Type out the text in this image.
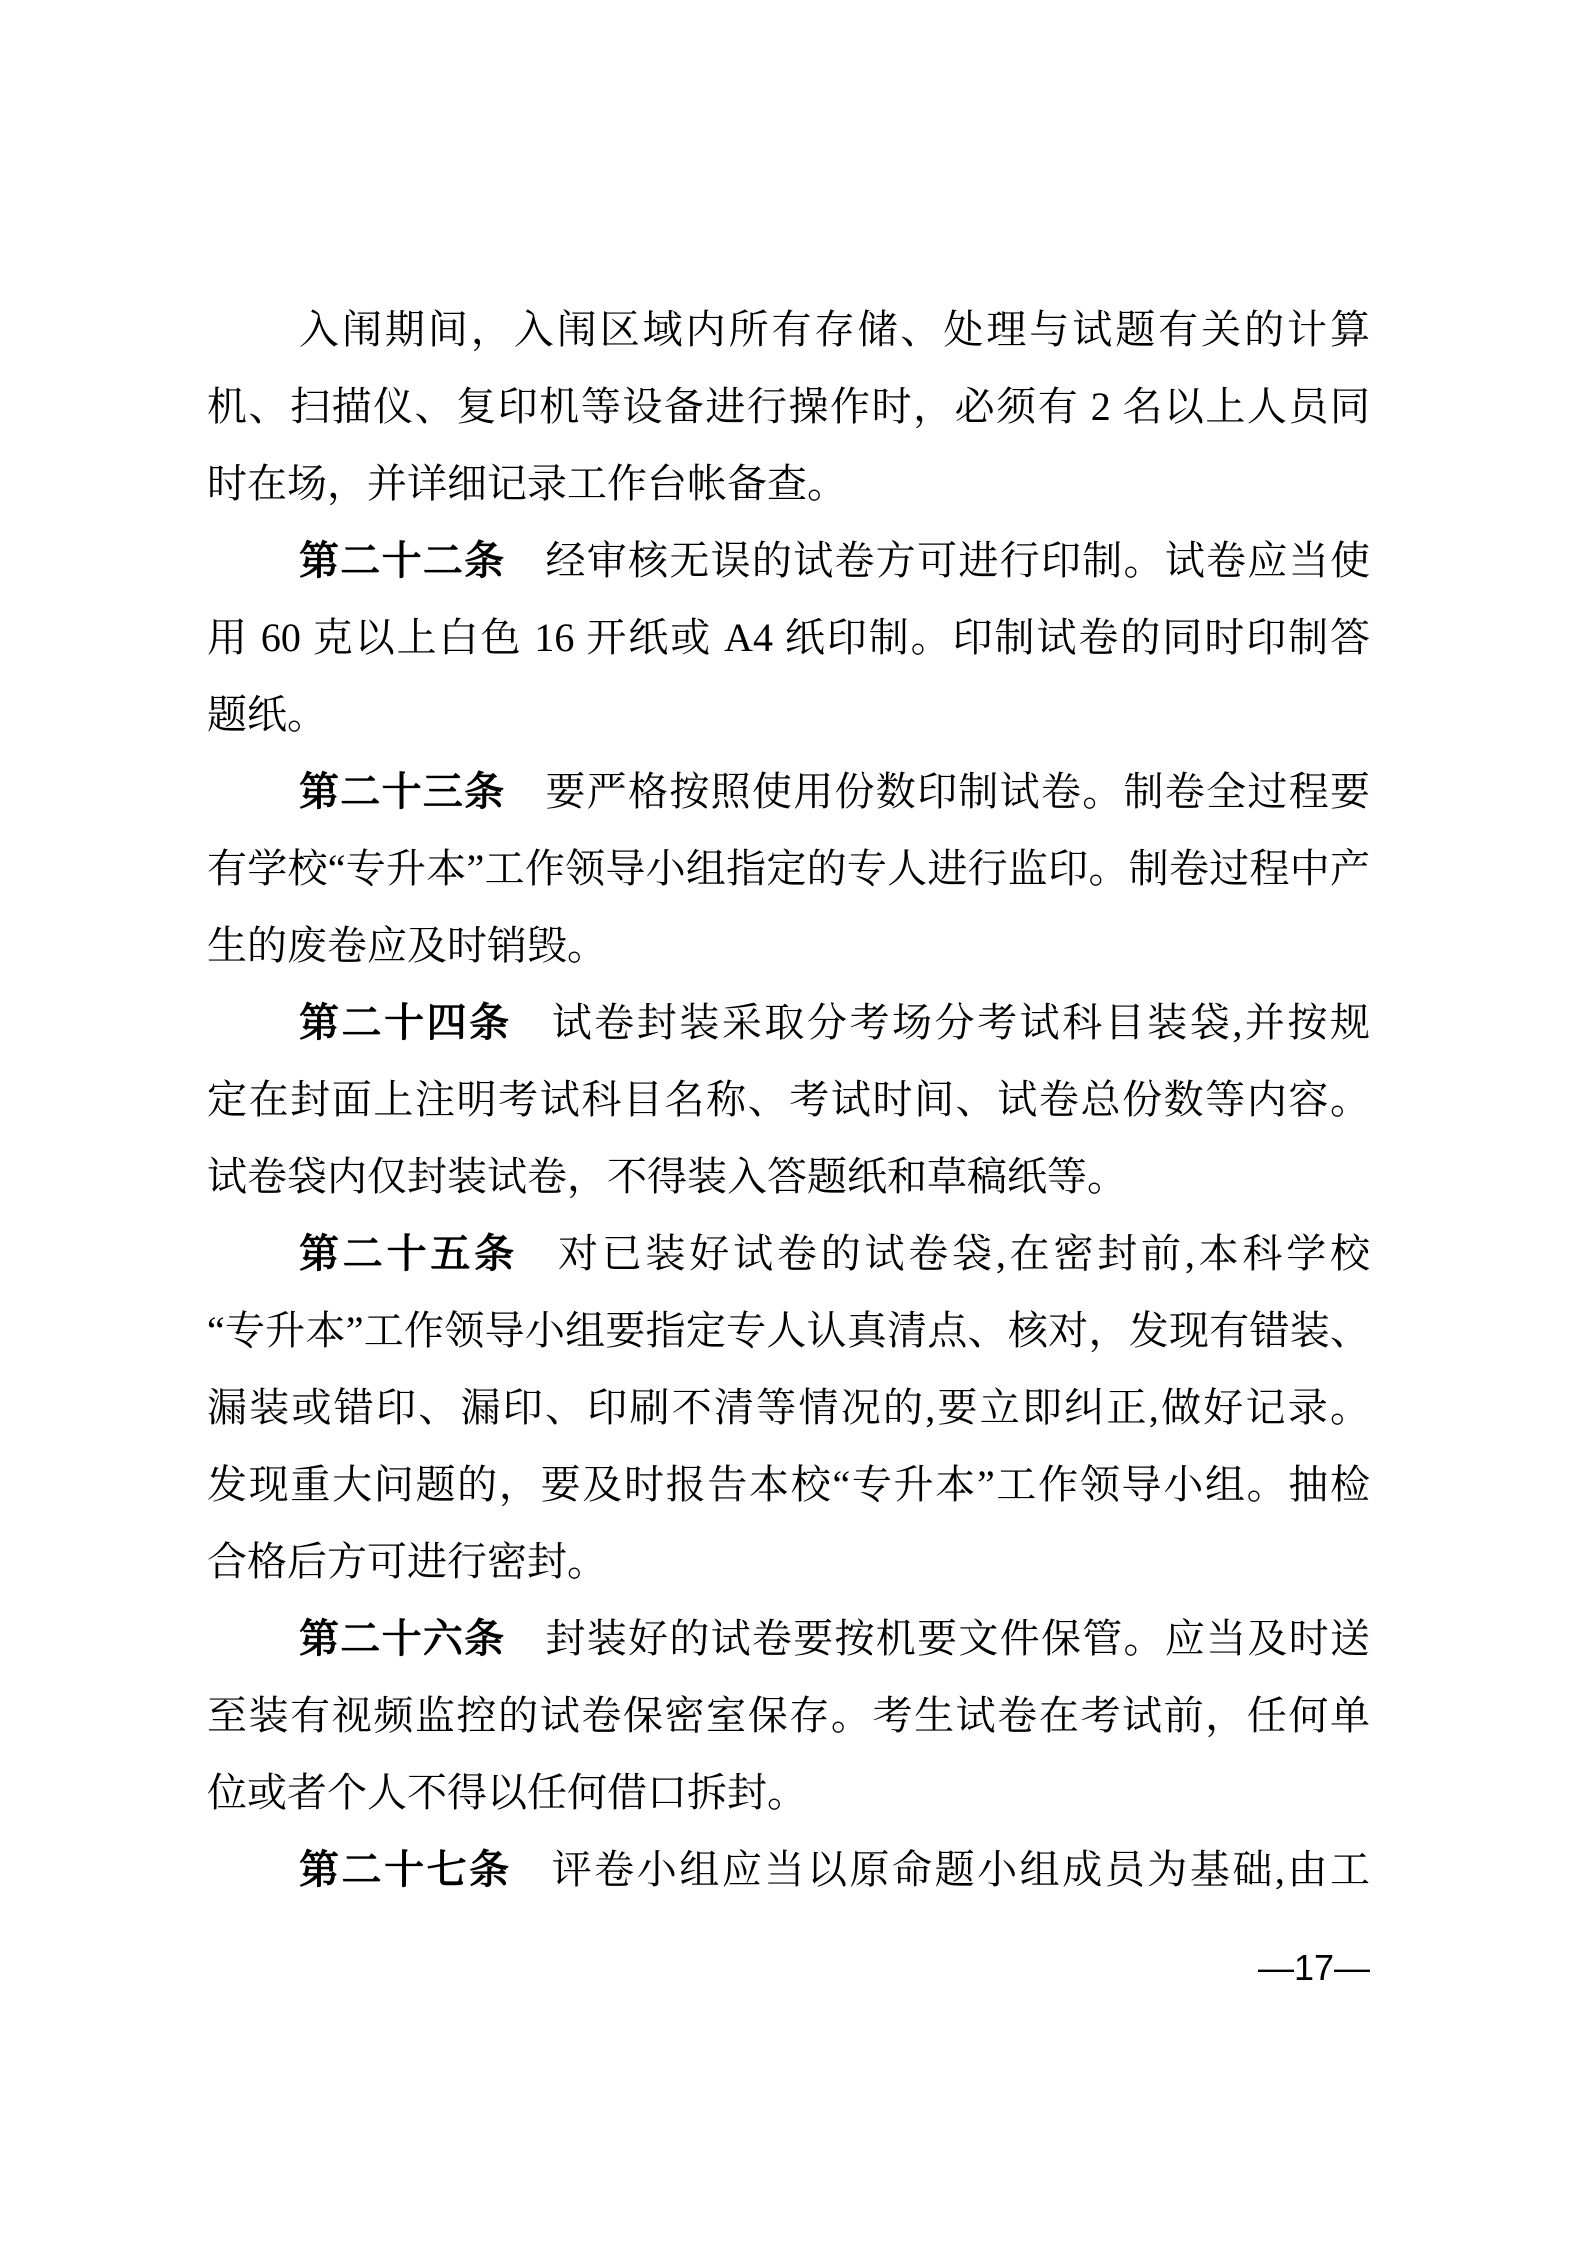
入闱期间，入闱区域内所有存储、处理与试题有关的计算
机、扫描仪、复印机等设备进行操作时，必须有 2 名以上人员同
时在场，并详细记录工作台帐备查。
第二十二条 经审核无误的试卷方可进行印制。试卷应当使
用 60 克以上白色 16 开纸或 A4 纸印制。印制试卷的同时印制答
题纸。
第二十三条 要严格按照使用份数印制试卷。制卷全过程要
有学校“专升本”工作领导小组指定的专人进行监印。制卷过程中产
生的废卷应及时销毁。
第二十四条 试卷封装采取分考场分考试科目装袋,并按规
定在封面上注明考试科目名称、考试时间、试卷总份数等内容。
试卷袋内仅封装试卷，不得装入答题纸和草稿纸等。
第二十五条 对已装好试卷的试卷袋,在密封前,本科学校
“专升本”工作领导小组要指定专人认真清点、核对，发现有错装、
漏装或错印、漏印、印刷不清等情况的,要立即纠正,做好记录。
发现重大问题的，要及时报告本校“专升本”工作领导小组。抽检
合格后方可进行密封。
第二十六条 封装好的试卷要按机要文件保管。应当及时送
至装有视频监控的试卷保密室保存。考生试卷在考试前，任何单
位或者个人不得以任何借口拆封。
第二十七条 评卷小组应当以原命题小组成员为基础,由工
—17—
